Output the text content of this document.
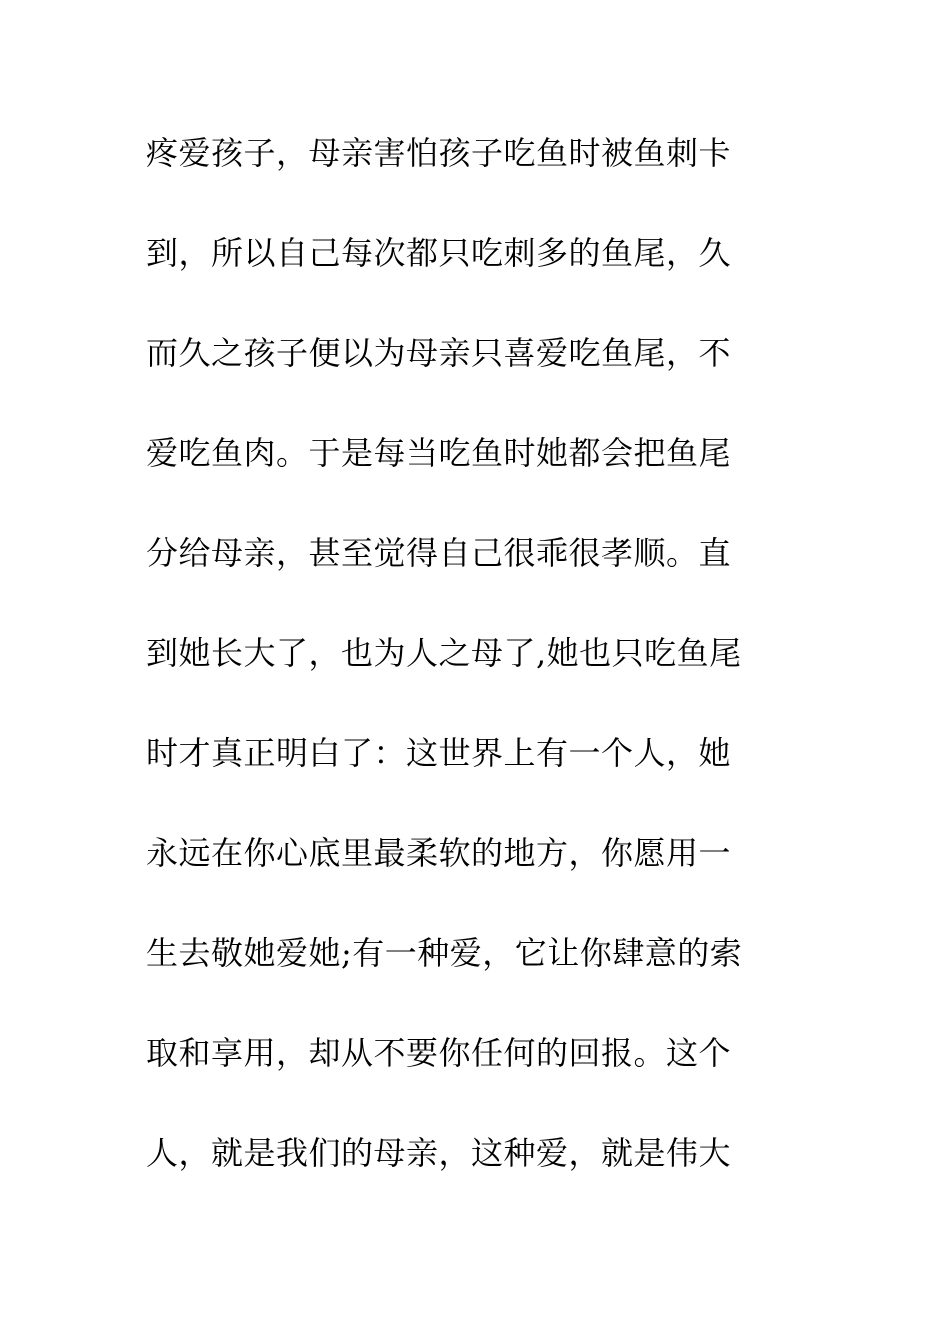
疼爱孩子，母亲害怕孩子吃鱼时被鱼刺卡
到，所以自己每次都只吃刺多的鱼尾，久
而久之孩子便以为母亲只喜爱吃鱼尾，不
爱吃鱼肉。于是每当吃鱼时她都会把鱼尾
分给母亲，甚至觉得自己很乖很孝顺。直
到她长大了，也为人之母了,她也只吃鱼尾
时才真正明白了：这世界上有一个人，她
永远在你心底里最柔软的地方，你愿用一
生去敬她爱她;有一种爱，它让你肆意的索
取和享用，却从不要你任何的回报。这个
人，就是我们的母亲，这种爱，就是伟大
